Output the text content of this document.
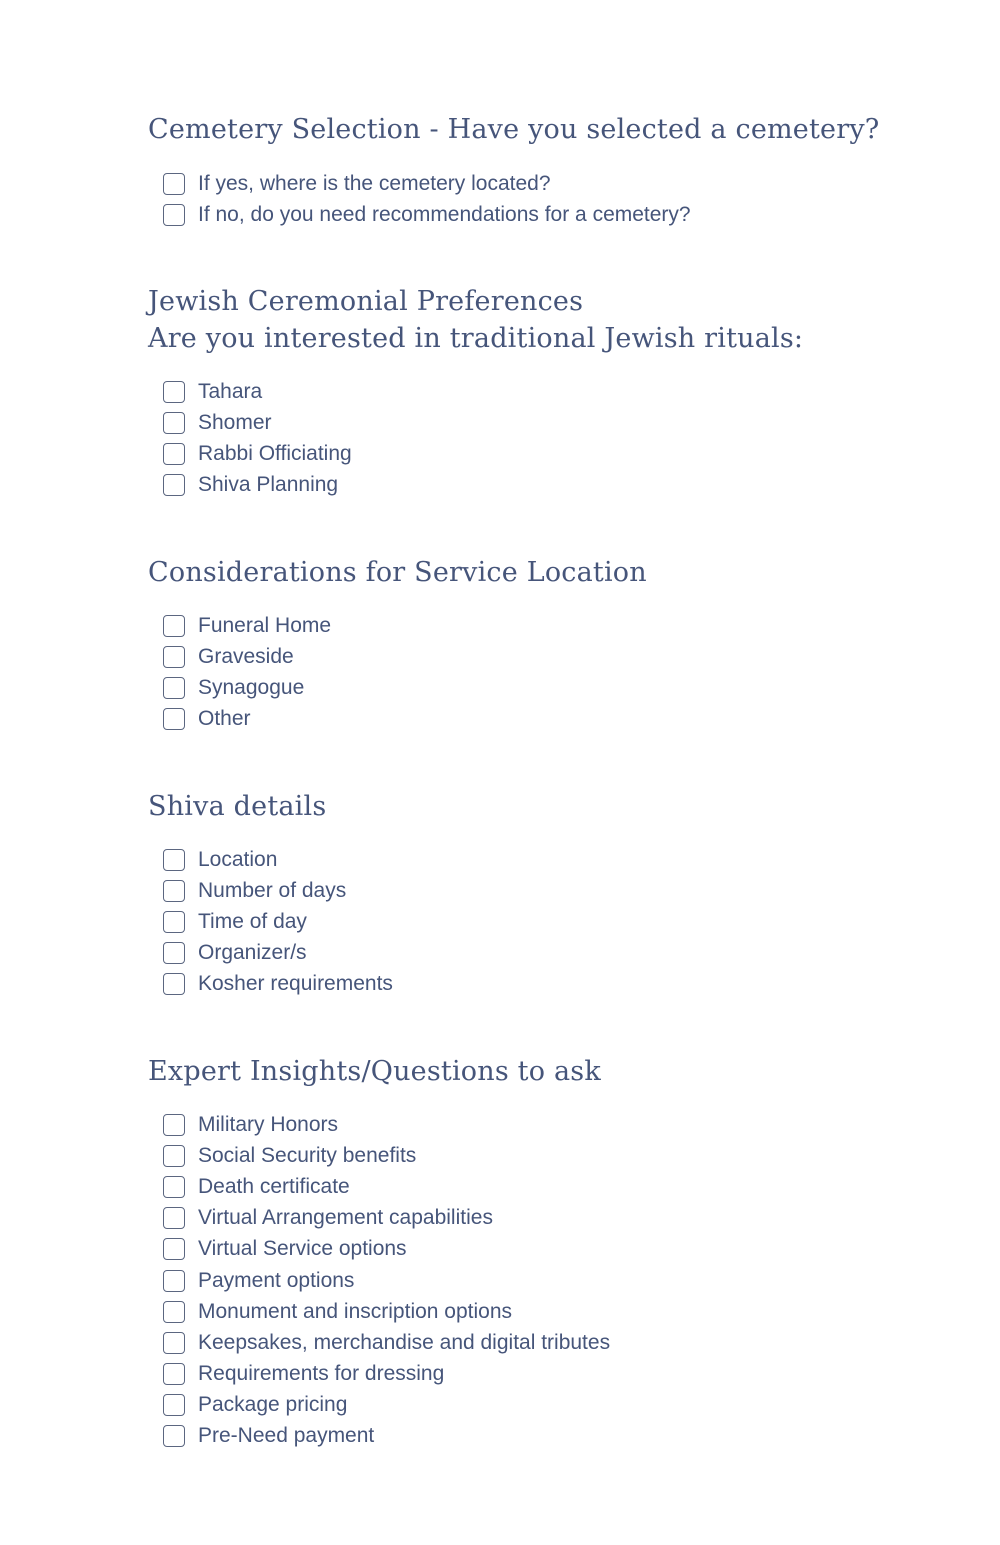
Cemetery Selection - Have you selected a cemetery?
If yes, where is the cemetery located?
If no, do you need recommendations for a cemetery?
Jewish Ceremonial Preferences
Are you interested in traditional Jewish rituals:
Tahara
Shomer
Rabbi Officiating
Shiva Planning
Considerations for Service Location
Funeral Home
Graveside
Synagogue
Other
Shiva details
Location
Number of days
Time of day
Organizer/s
Kosher requirements
Expert Insights/Questions to ask
Military Honors
Social Security benefits
Death certificate
Virtual Arrangement capabilities
Virtual Service options
Payment options
Monument and inscription options
Keepsakes, merchandise and digital tributes
Requirements for dressing
Package pricing
Pre-Need payment
